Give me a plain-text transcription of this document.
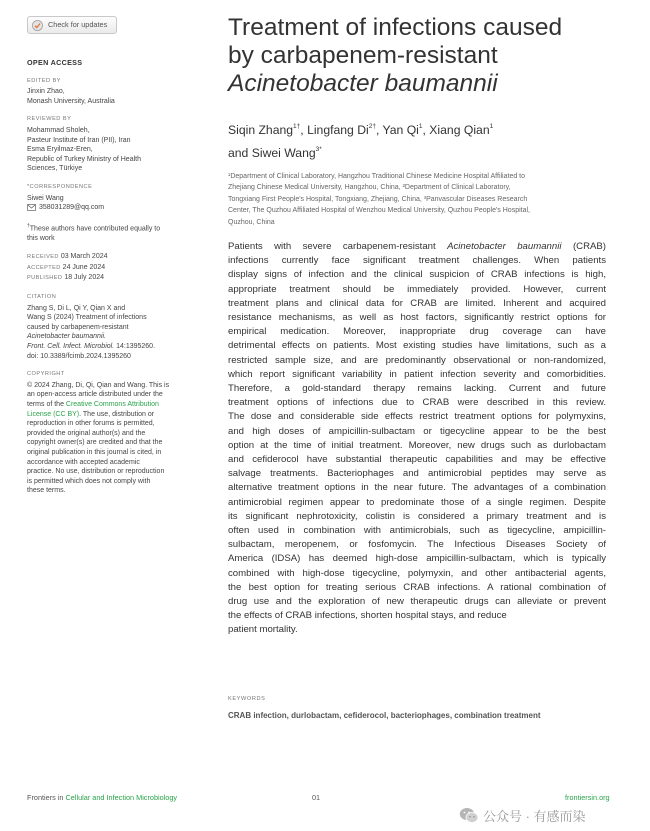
Check for updates
OPEN ACCESS
EDITED BY
Jinxin Zhao,
Monash University, Australia
REVIEWED BY
Mohammad Sholeh,
Pasteur Institute of Iran (PII), Iran
Esma Eryilmaz-Eren,
Republic of Turkey Ministry of Health
Sciences, Türkiye
*CORRESPONDENCE
Siwei Wang
358031289@qq.com
†These authors have contributed equally to
this work
RECEIVED 03 March 2024
ACCEPTED 24 June 2024
PUBLISHED 18 July 2024
CITATION
Zhang S, Di L, Qi Y, Qian X and
Wang S (2024) Treatment of infections
caused by carbapenem-resistant
Acinetobacter baumannii.
Front. Cell. Infect. Microbiol. 14:1395260.
doi: 10.3389/fcimb.2024.1395260
COPYRIGHT
© 2024 Zhang, Di, Qi, Qian and Wang. This is
an open-access article distributed under the
terms of the Creative Commons Attribution
License (CC BY). The use, distribution or
reproduction in other forums is permitted,
provided the original author(s) and the
copyright owner(s) are credited and that the
original publication in this journal is cited, in
accordance with accepted academic
practice. No use, distribution or reproduction
is permitted which does not comply with
these terms.
Treatment of infections caused
by carbapenem-resistant
Acinetobacter baumannii
Siqin Zhang$^{1\dagger}$, Lingfang $Di^{2\dagger}$, Yan Qi$^1$, Xiang Qian$^1$
and Siwei Wang$^{3*}$
¹Department of Clinical Laboratory, Hangzhou Traditional Chinese Medicine Hospital Affiliated to
Zhejiang Chinese Medical University, Hangzhou, China, ²Department of Clinical Laboratory,
Tongxiang First People's Hospital, Tongxiang, Zhejiang, China, ³Panvascular Diseases Research
Center, The Quzhou Affiliated Hospital of Wenzhou Medical University, Quzhou People's Hospital,
Quzhou, China
Patients with severe carbapenem-resistant Acinetobacter baumannii (CRAB)
infections currently face significant treatment challenges. When patients
display signs of infection and the clinical suspicion of CRAB infections is high,
appropriate treatment should be immediately provided. However, current
treatment plans and clinical data for CRAB are limited. Inherent and acquired
resistance mechanisms, as well as host factors, significantly restrict options for
empirical medication. Moreover, inappropriate drug coverage can have
detrimental effects on patients. Most existing studies have limitations, such as a
restricted sample size, and are predominantly observational or non-randomized,
which report significant variability in patient infection severity and comorbidities.
Therefore, a gold-standard therapy remains lacking. Current and future
treatment options of infections due to CRAB were described in this review.
The dose and considerable side effects restrict treatment options for polymyxins,
and high doses of ampicillin-sulbactam or tigecycline appear to be the best
option at the time of initial treatment. Moreover, new drugs such as durlobactam
and cefiderocol have substantial therapeutic capabilities and may be effective
salvage treatments. Bacteriophages and antimicrobial peptides may serve as
alternative treatment options in the near future. The advantages of a combination
antimicrobial regimen appear to predominate those of a single regimen. Despite
its significant nephrotoxicity, colistin is considered a primary treatment and is
often used in combination with antimicrobials, such as tigecycline, ampicillin-
sulbactam, meropenem, or fosfomycin. The Infectious Diseases Society of
America (IDSA) has deemed high-dose ampicillin-sulbactam, which is typically
combined with high-dose tigecycline, polymyxin, and other antibacterial agents,
the best option for treating serious CRAB infections. A rational combination of
drug use and the exploration of new therapeutic drugs can alleviate or prevent
the effects of CRAB infections, shorten hospital stays, and reduce
patient mortality.
KEYWORDS
CRAB infection, durlobactam, cefiderocol, bacteriophages, combination treatment
Frontiers in Cellular and Infection Microbiology	01	frontiersin.org
公众号 · 有感而染
